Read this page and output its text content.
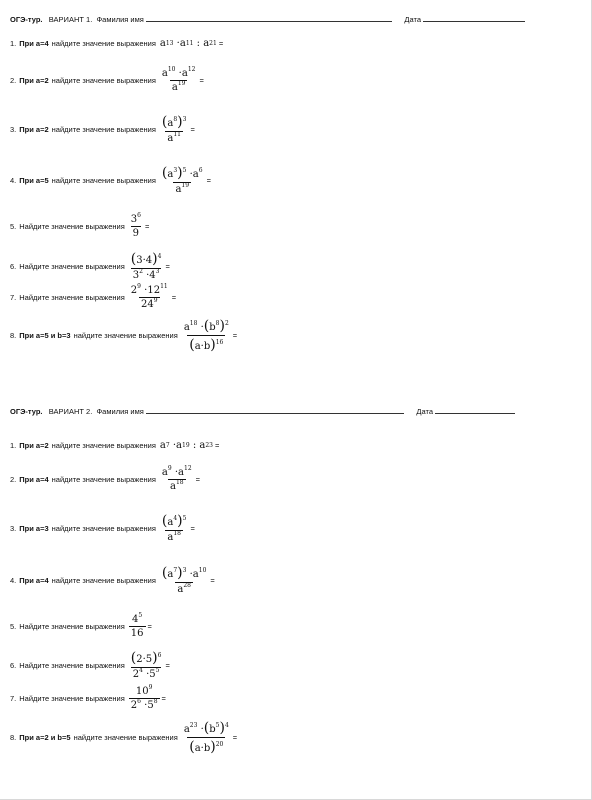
ОГЭ-тур. ВАРИАНТ 1. Фамилия имя	Дата
1. При а=4 найдите значение выражения a 13 ·a 11 : a 21 =
2. При а=2 найдите значение выражения $\frac{a^{10} \cdot a^{12}}{a^{19}}$ =
3. При а=2 найдите значение выражения $\frac{(a^8)^3}{a^{11}}$ =
4. При а=5 найдите значение выражения $\frac{(a^3)^5 \cdot a^6}{a^{19}}$ =
5. Найдите значение выражения $\frac{3^6}{9}$ =
6. Найдите значение выражения $\frac{(3\cdot 4)^4}{3^2 \cdot 4^3}$ =
7. Найдите значение выражения $\frac{2^9 \cdot 12^{11}}{24^9}$ =
8. При а=5 и b=3 найдите значение выражения $\frac{a^{18} \cdot(b^8)^2}{(a\cdot b)^{16}}$ =
ОГЭ-тур. ВАРИАНТ 2. Фамилия имя	Дата
1. При а=2 найдите значение выражения a 7 ·a 19 : a 23 =
2. При а=4 найдите значение выражения $\frac{a^9 \cdot a^{12}}{a^{18}}$ =
3. При а=3 найдите значение выражения $\frac{(a^4)^5}{a^{18}}$ =
4. При а=4 найдите значение выражения $\frac{(a^7)^3 \cdot a^{10}}{a^{28}}$ =
5. Найдите значение выражения $\frac{4^5}{16}$ =
6. Найдите значение выражения $\frac{(2\cdot 5)^6}{2^4 \cdot 5^5}$ =
7. Найдите значение выражения $\frac{10^9}{2^6 \cdot 5^8}$ =
8. При а=2 и b=5 найдите значение выражения $\frac{a^{23} \cdot(b^5)^4}{(a\cdot b)^{20}}$ =
